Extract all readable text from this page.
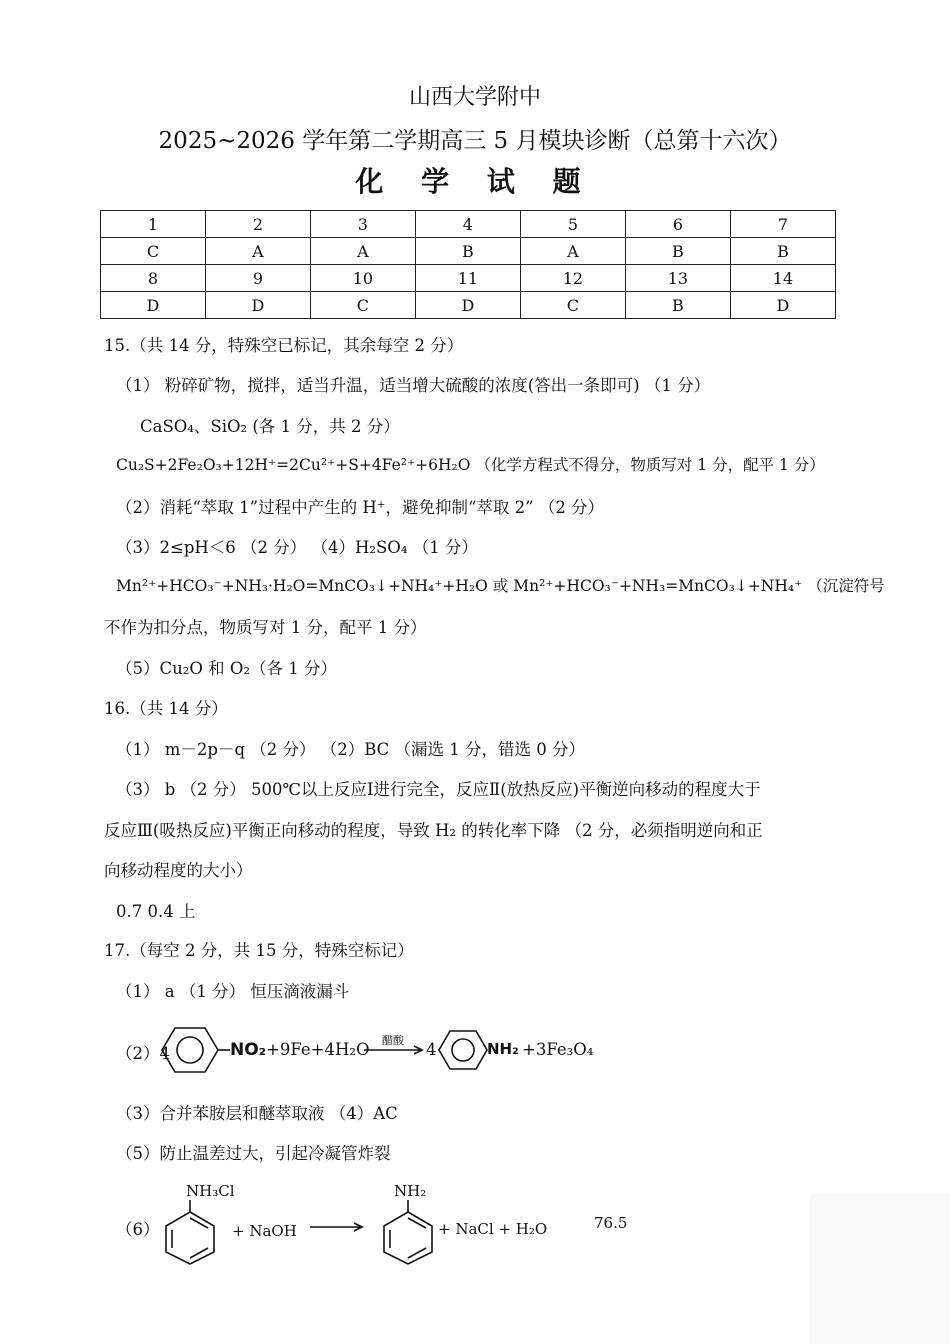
山西大学附中
2025~2026 学年第二学期高三 5 月模块诊断（总第十六次）
化 学 试 题
1	2	3	4	5	6	7
C	A	A	B	A	B	B
8	9	10	11	12	13	14
D	D	C	D	C	B	D
15.（共 14 分，特殊空已标记，其余每空 2 分）
（1） 粉碎矿物，搅拌，适当升温，适当增大硫酸的浓度(答出一条即可) （1 分）
CaSO₄、SiO₂ (各 1 分，共 2 分）
Cu₂S+2Fe₂O₃+12H⁺=2Cu²⁺+S+4Fe²⁺+6H₂O （化学方程式不得分，物质写对 1 分，配平 1 分）
（2）消耗“萃取 1”过程中产生的 H⁺，避免抑制“萃取 2” （2 分）
（3）2≤pH＜6 （2 分） （4）H₂SO₄ （1 分）
Mn²⁺+HCO₃⁻+NH₃·H₂O=MnCO₃↓+NH₄⁺+H₂O 或 Mn²⁺+HCO₃⁻+NH₃=MnCO₃↓+NH₄⁺ （沉淀符号
不作为扣分点，物质写对 1 分，配平 1 分）
（5）Cu₂O 和 O₂（各 1 分）
16.（共 14 分）
（1） m－2p－q （2 分） （2）BC （漏选 1 分，错选 0 分）
（3） b （2 分） 500℃以上反应Ⅰ进行完全，反应Ⅱ(放热反应)平衡逆向移动的程度大于
反应Ⅲ(吸热反应)平衡正向移动的程度，导致 H₂ 的转化率下降 （2 分，必须指明逆向和正
向移动程度的大小）
0.7 0.4 上
17.（每空 2 分，共 15 分，特殊空标记）
（1） a （1 分） 恒压滴液漏斗
（2）4	NO₂ +9Fe+4H₂O 醋酸 → 4	NH₂ +3Fe₃O₄
（3）合并苯胺层和醚萃取液 （4）AC
（5）防止温差过大，引起冷凝管炸裂
（6）
NH₃Cl
+ NaOH →
NH₂
+ NaCl + H₂O	76.5
